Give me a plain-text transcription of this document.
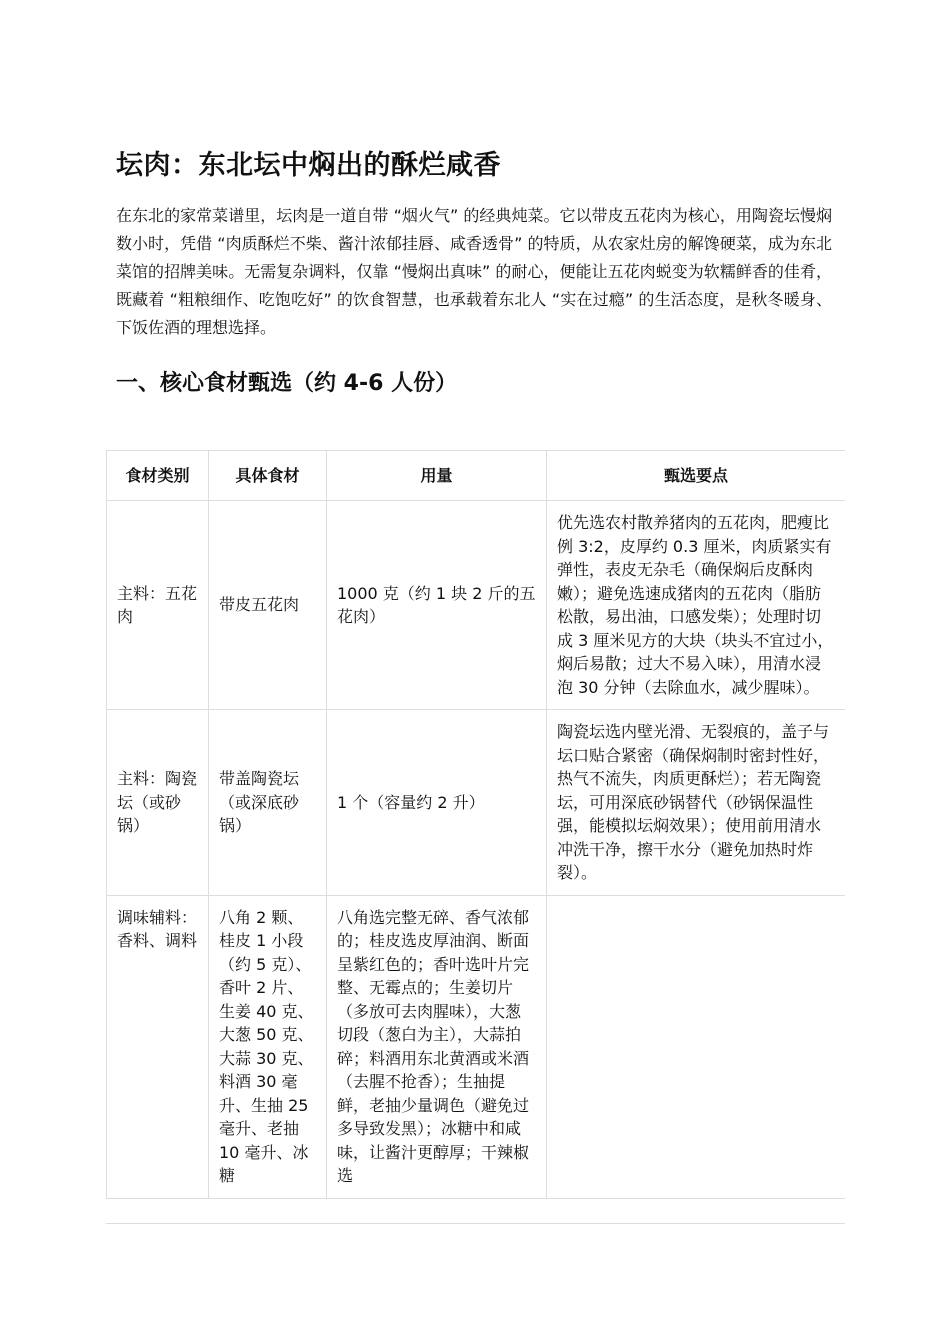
坛肉：东北坛中焖出的酥烂咸香

在东北的家常菜谱里，坛肉是一道自带 “烟火气” 的经典炖菜。它以带皮五花肉为核心，用陶瓷坛慢焖数小时，凭借 “肉质酥烂不柴、酱汁浓郁挂唇、咸香透骨” 的特质，从农家灶房的解馋硬菜，成为东北菜馆的招牌美味。无需复杂调料，仅靠 “慢焖出真味” 的耐心，便能让五花肉蜕变为软糯鲜香的佳肴，既藏着 “粗粮细作、吃饱吃好” 的饮食智慧，也承载着东北人 “实在过瘾” 的生活态度，是秋冬暖身、下饭佐酒的理想选择。

一、核心食材甄选（约 4-6 人份）
食材类别	具体食材	用量	甄选要点
主料：五花肉	带皮五花肉	1000 克（约 1 块 2 斤的五花肉）	优先选农村散养猪肉的五花肉，肥瘦比例 3:2，皮厚约 0.3 厘米，肉质紧实有弹性，表皮无杂毛（确保焖后皮酥肉嫩）；避免选速成猪肉的五花肉（脂肪松散，易出油，口感发柴）；处理时切成 3 厘米见方的大块（块头不宜过小，焖后易散；过大不易入味），用清水浸泡 30 分钟（去除血水，减少腥味）。
主料：陶瓷坛（或砂锅）	带盖陶瓷坛（或深底砂锅）	1 个（容量约 2 升）	陶瓷坛选内壁光滑、无裂痕的，盖子与坛口贴合紧密（确保焖制时密封性好，热气不流失，肉质更酥烂）；若无陶瓷坛，可用深底砂锅替代（砂锅保温性强，能模拟坛焖效果）；使用前用清水冲洗干净，擦干水分（避免加热时炸裂）。
调味辅料：香料、调料	八角 2 颗、桂皮 1 小段（约 5 克）、香叶 2 片、生姜 40 克、大葱 50 克、大蒜 30 克、料酒 30 毫升、生抽 25 毫升、老抽 10 毫升、冰糖	八角选完整无碎、香气浓郁的；桂皮选皮厚油润、断面呈紫红色的；香叶选叶片完整、无霉点的；生姜切片（多放可去肉腥味），大葱切段（葱白为主），大蒜拍碎；料酒用东北黄酒或米酒（去腥不抢香）；生抽提鲜，老抽少量调色（避免过多导致发黑）；冰糖中和咸味，让酱汁更醇厚；干辣椒选	
